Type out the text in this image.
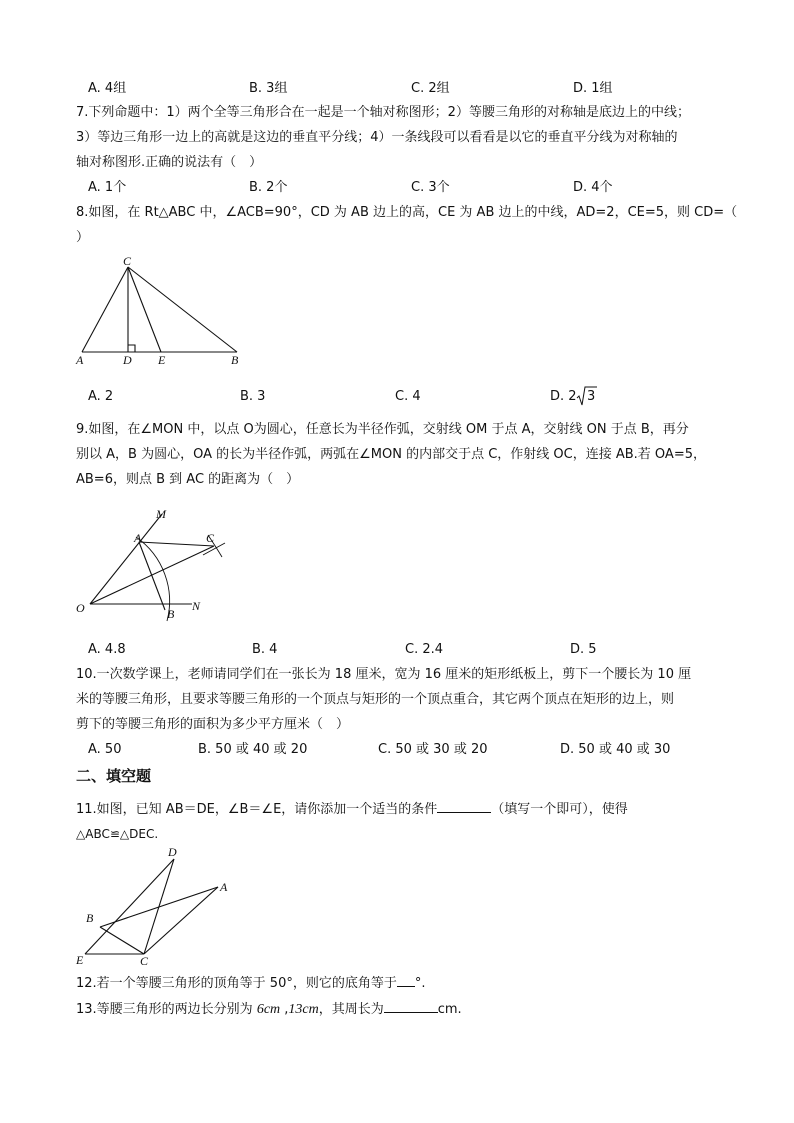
A. 4组	B. 3组	C. 2组	D. 1组
7.下列命题中：1）两个全等三角形合在一起是一个轴对称图形；2）等腰三角形的对称轴是底边上的中线；
3）等边三角形一边上的高就是这边的垂直平分线；4）一条线段可以看看是以它的垂直平分线为对称轴的
轴对称图形.正确的说法有（　）
A. 1个	B. 2个	C. 3个	D. 4个
8.如图，在 Rt△ABC 中，∠ACB=90°，CD 为 AB 边上的高，CE 为 AB 边上的中线，AD=2，CE=5，则 CD=（
）
C
A	D E	B
A. 2	B. 3	C. 4	D. 2 3
9.如图，在∠MON 中，以点 O为圆心，任意长为半径作弧，交射线 OM 于点 A，交射线 ON 于点 B，再分
别以 A，B 为圆心，OA 的长为半径作弧，两弧在∠MON 的内部交于点 C，作射线 OC，连接 AB.若 OA=5，
AB=6，则点 B 到 AC 的距离为（　）
M
A	C
O	B
N
A. 4.8	B. 4	C. 2.4	D. 5
10.一次数学课上，老师请同学们在一张长为 18 厘米，宽为 16 厘米的矩形纸板上，剪下一个腰长为 10 厘
米的等腰三角形，且要求等腰三角形的一个顶点与矩形的一个顶点重合，其它两个顶点在矩形的边上，则
剪下的等腰三角形的面积为多少平方厘米（　）
A. 50	B. 50 或 40 或 20	C. 50 或 30 或 20	D. 50 或 40 或 30
二、填空题
11.如图，已知 AB＝DE，∠B＝∠E，请你添加一个适当的条件	（填写一个即可），使得
△ABC≌△DEC.
D
A
B
E	C
12.若一个等腰三角形的顶角等于 50°，则它的底角等于 °.
13.等腰三角形的两边长分别为 6cm ,13cm，其周长为	cm.
